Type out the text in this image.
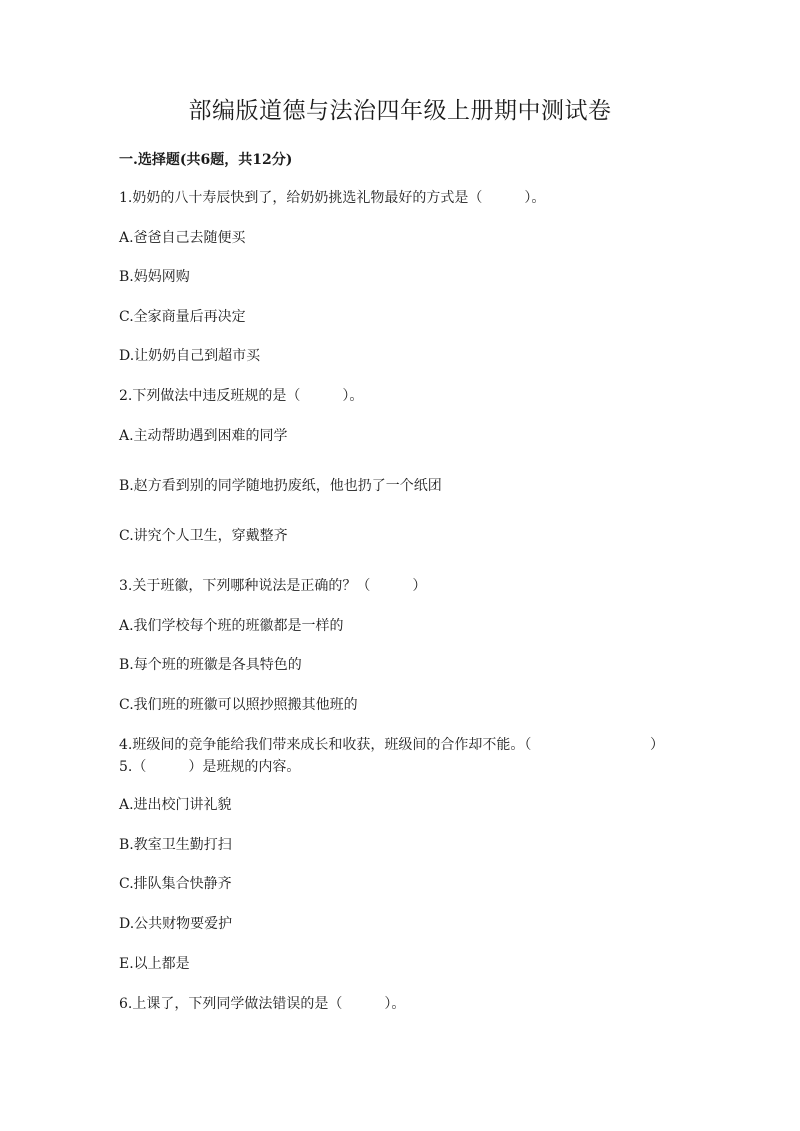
部编版道德与法治四年级上册期中测试卷
一.选择题(共6题，共12分)
1.奶奶的八十寿辰快到了，给奶奶挑选礼物最好的方式是（　　　）。
A.爸爸自己去随便买
B.妈妈网购
C.全家商量后再决定
D.让奶奶自己到超市买
2.下列做法中违反班规的是（　　　）。
A.主动帮助遇到困难的同学
B.赵方看到别的同学随地扔废纸，他也扔了一个纸团
C.讲究个人卫生，穿戴整齐
3.关于班徽，下列哪种说法是正确的？（　　　）
A.我们学校每个班的班徽都是一样的
B.每个班的班徽是各具特色的
C.我们班的班徽可以照抄照搬其他班的
4.班级间的竞争能给我们带来成长和收获，班级间的合作却不能。（	）
5.（　　　）是班规的内容。
A.进出校门讲礼貌
B.教室卫生勤打扫
C.排队集合快静齐
D.公共财物要爱护
E.以上都是
6.上课了，下列同学做法错误的是（　　　）。
